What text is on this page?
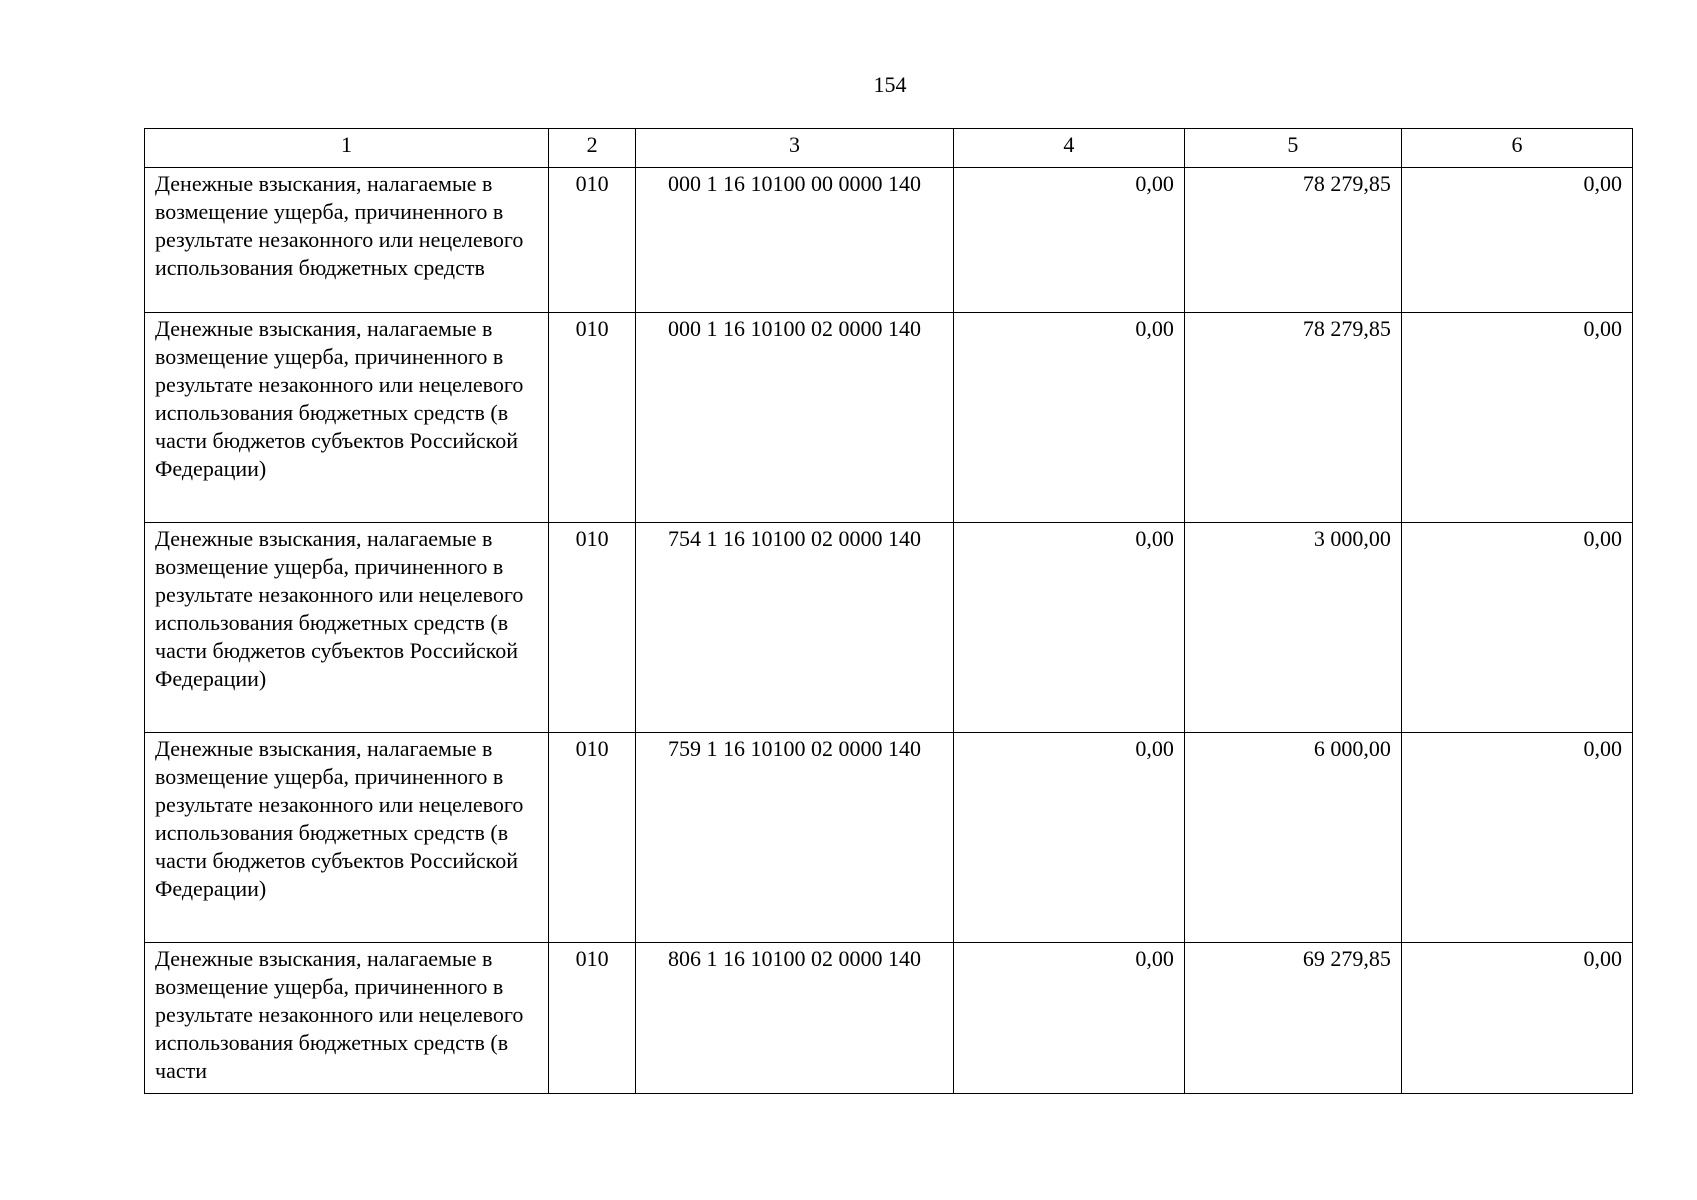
154
1	2	3	4	5	6
Денежные взыскания, налагаемые в возмещение ущерба, причиненного в результате незаконного или нецелевого использования бюджетных средств	010	000 1 16 10100 00 0000 140	0,00	78 279,85	0,00
Денежные взыскания, налагаемые в возмещение ущерба, причиненного в результате незаконного или нецелевого использования бюджетных средств (в части бюджетов субъектов Российской Федерации)	010	000 1 16 10100 02 0000 140	0,00	78 279,85	0,00
Денежные взыскания, налагаемые в возмещение ущерба, причиненного в результате незаконного или нецелевого использования бюджетных средств (в части бюджетов субъектов Российской Федерации)	010	754 1 16 10100 02 0000 140	0,00	3 000,00	0,00
Денежные взыскания, налагаемые в возмещение ущерба, причиненного в результате незаконного или нецелевого использования бюджетных средств (в части бюджетов субъектов Российской Федерации)	010	759 1 16 10100 02 0000 140	0,00	6 000,00	0,00
Денежные взыскания, налагаемые в возмещение ущерба, причиненного в результате незаконного или нецелевого использования бюджетных средств (в части	010	806 1 16 10100 02 0000 140	0,00	69 279,85	0,00
